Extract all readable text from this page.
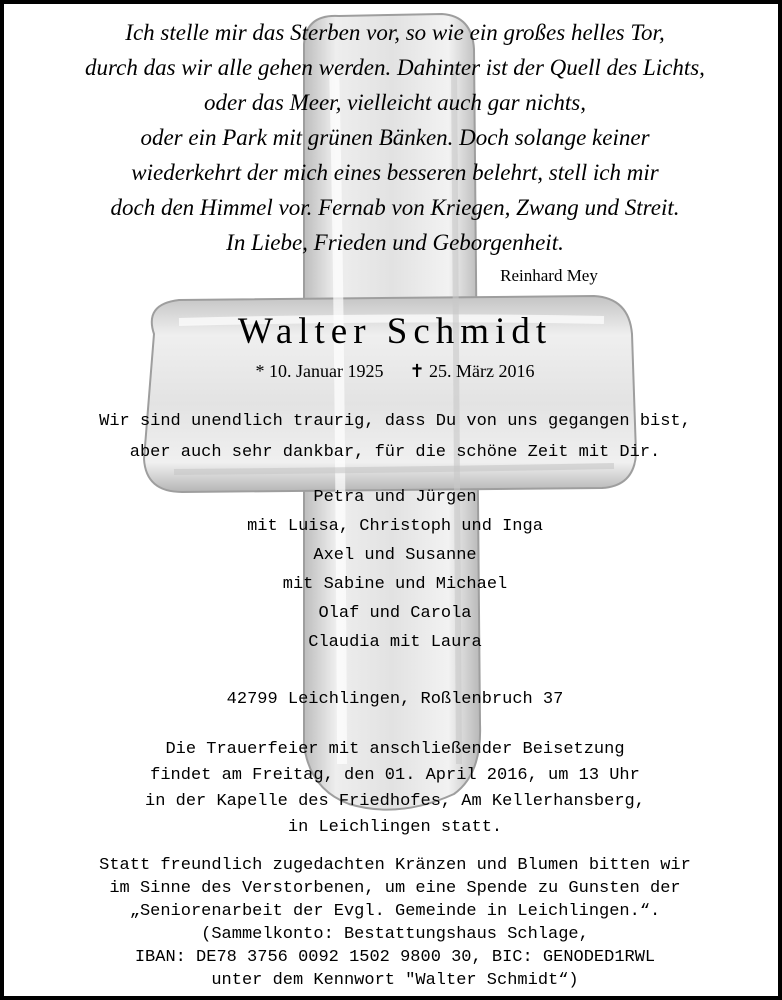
Ich stelle mir das Sterben vor, so wie ein großes helles Tor,
durch das wir alle gehen werden. Dahinter ist der Quell des Lichts,
oder das Meer, vielleicht auch gar nichts,
oder ein Park mit grünen Bänken. Doch solange keiner
wiederkehrt der mich eines besseren belehrt, stell ich mir
doch den Himmel vor. Fernab von Kriegen, Zwang und Streit.
In Liebe, Frieden und Geborgenheit.
Reinhard Mey
Walter Schmidt
* 10. Januar 1925 ✝ 25. März 2016
Wir sind unendlich traurig, dass Du von uns gegangen bist,
aber auch sehr dankbar, für die schöne Zeit mit Dir.
Petra und Jürgen
mit Luisa, Christoph und Inga
Axel und Susanne
mit Sabine und Michael
Olaf und Carola
Claudia mit Laura
42799 Leichlingen, Roßlenbruch 37
Die Trauerfeier mit anschließender Beisetzung
findet am Freitag, den 01. April 2016, um 13 Uhr
in der Kapelle des Friedhofes, Am Kellerhansberg,
in Leichlingen statt.
Statt freundlich zugedachten Kränzen und Blumen bitten wir
im Sinne des Verstorbenen, um eine Spende zu Gunsten der
„Seniorenarbeit der Evgl. Gemeinde in Leichlingen.“.
(Sammelkonto: Bestattungshaus Schlage,
IBAN: DE78 3756 0092 1502 9800 30, BIC: GENODED1RWL
unter dem Kennwort "Walter Schmidt“)
